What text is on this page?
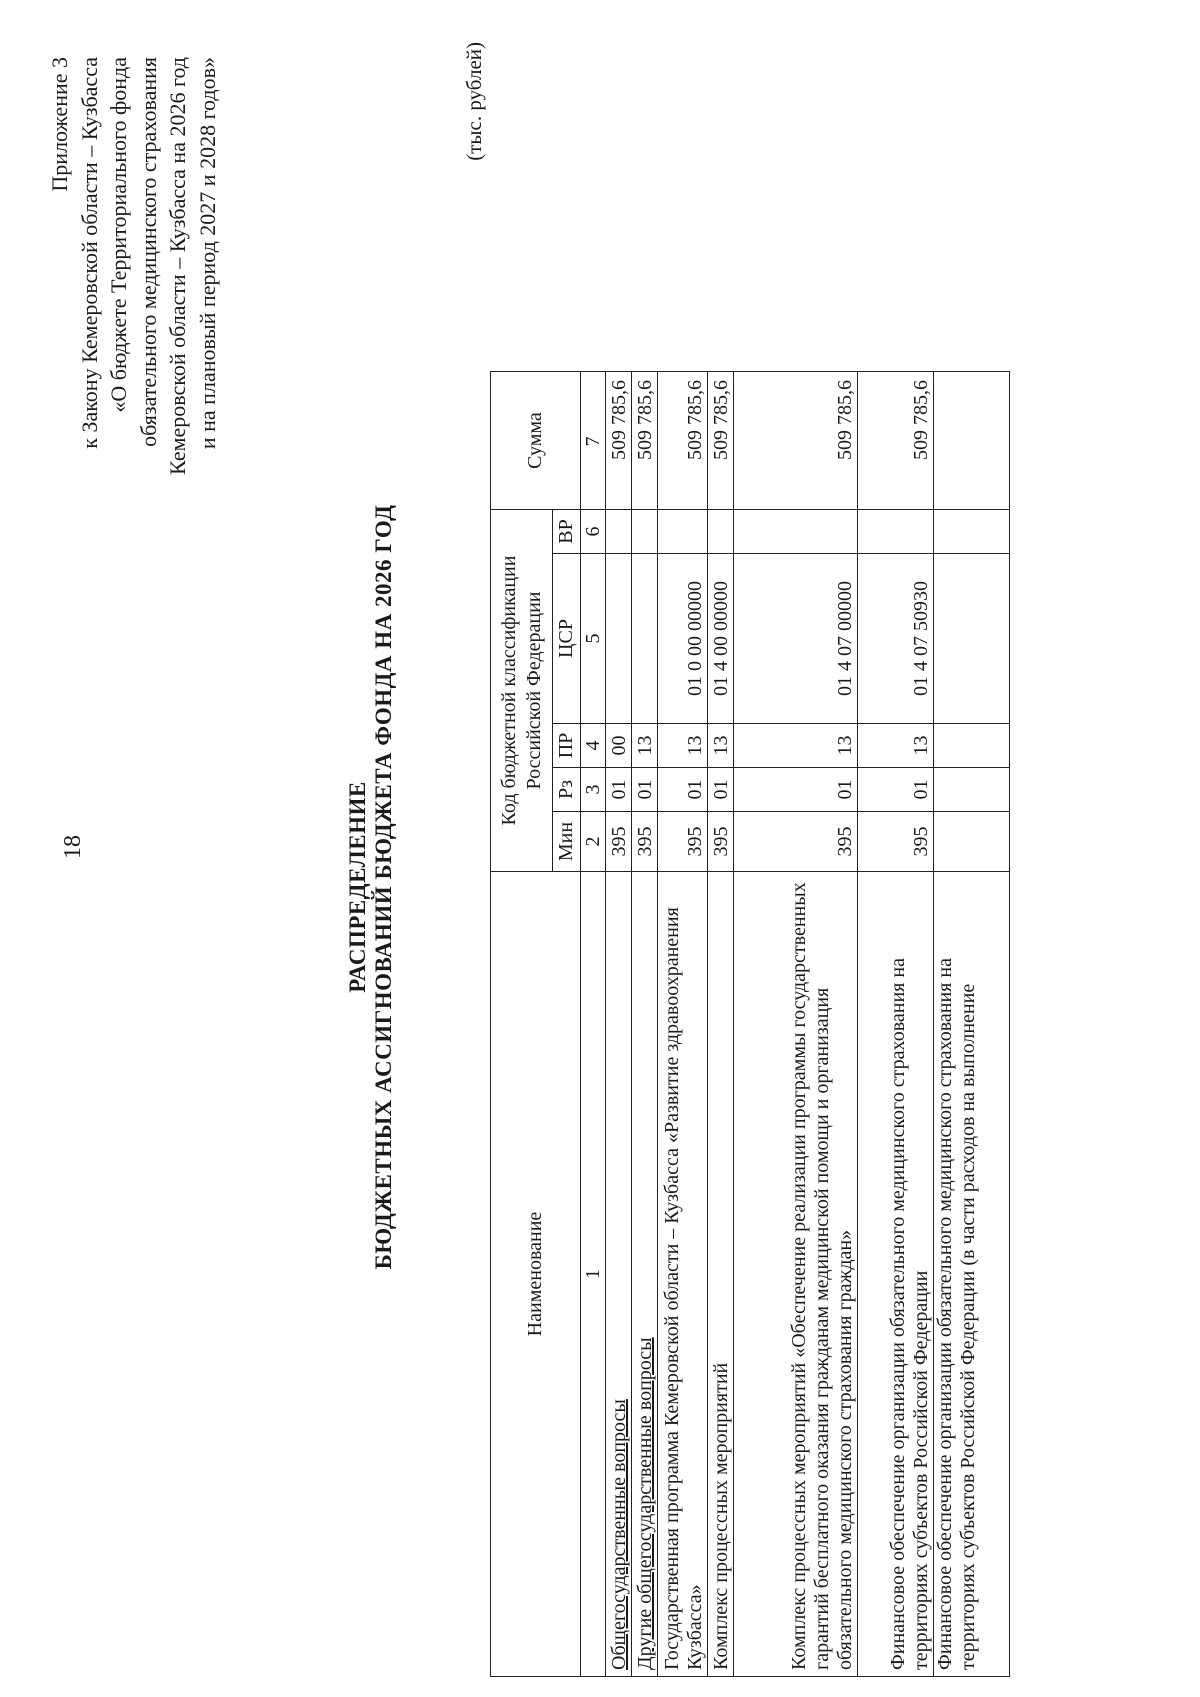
18
Приложение 3 к Закону Кемеровской области – Кузбасса «О бюджете Территориального фонда обязательного медицинского страхования Кемеровской области – Кузбасса на 2026 год и на плановый период 2027 и 2028 годов»
РАСПРЕДЕЛЕНИЕ БЮДЖЕТНЫХ АССИГНОВАНИЙ БЮДЖЕТА ФОНДА НА 2026 ГОД
(тыс. рублей)
Наименование	Код бюджетной классификации Российской Федерации					Сумма
	Мин	Рз	ПР	ЦСР	ВР	
1	2	3	4	5	6	7
Общегосударственные вопросы	395	01	00			509 785,6
Другие общегосударственные вопросы	395	01	13			509 785,6
Государственная программа Кемеровской области – Кузбасса «Развитие здравоохранения Кузбасса»	395	01	13	01 0 00 00000		509 785,6
Комплекс процессных мероприятий	395	01	13	01 4 00 00000		509 785,6
Комплекс процессных мероприятий «Обеспечение реализации программы государственных гарантий бесплатного оказания гражданам медицинской помощи и организация обязательного медицинского страхования граждан»	395	01	13	01 4 07 00000		509 785,6
Финансовое обеспечение организации обязательного медицинского страхования на территориях субъектов Российской Федерации	395	01	13	01 4 07 50930		509 785,6
Финансовое обеспечение организации обязательного медицинского страхования на территориях субъектов Российской Федерации (в части расходов на выполнение						
